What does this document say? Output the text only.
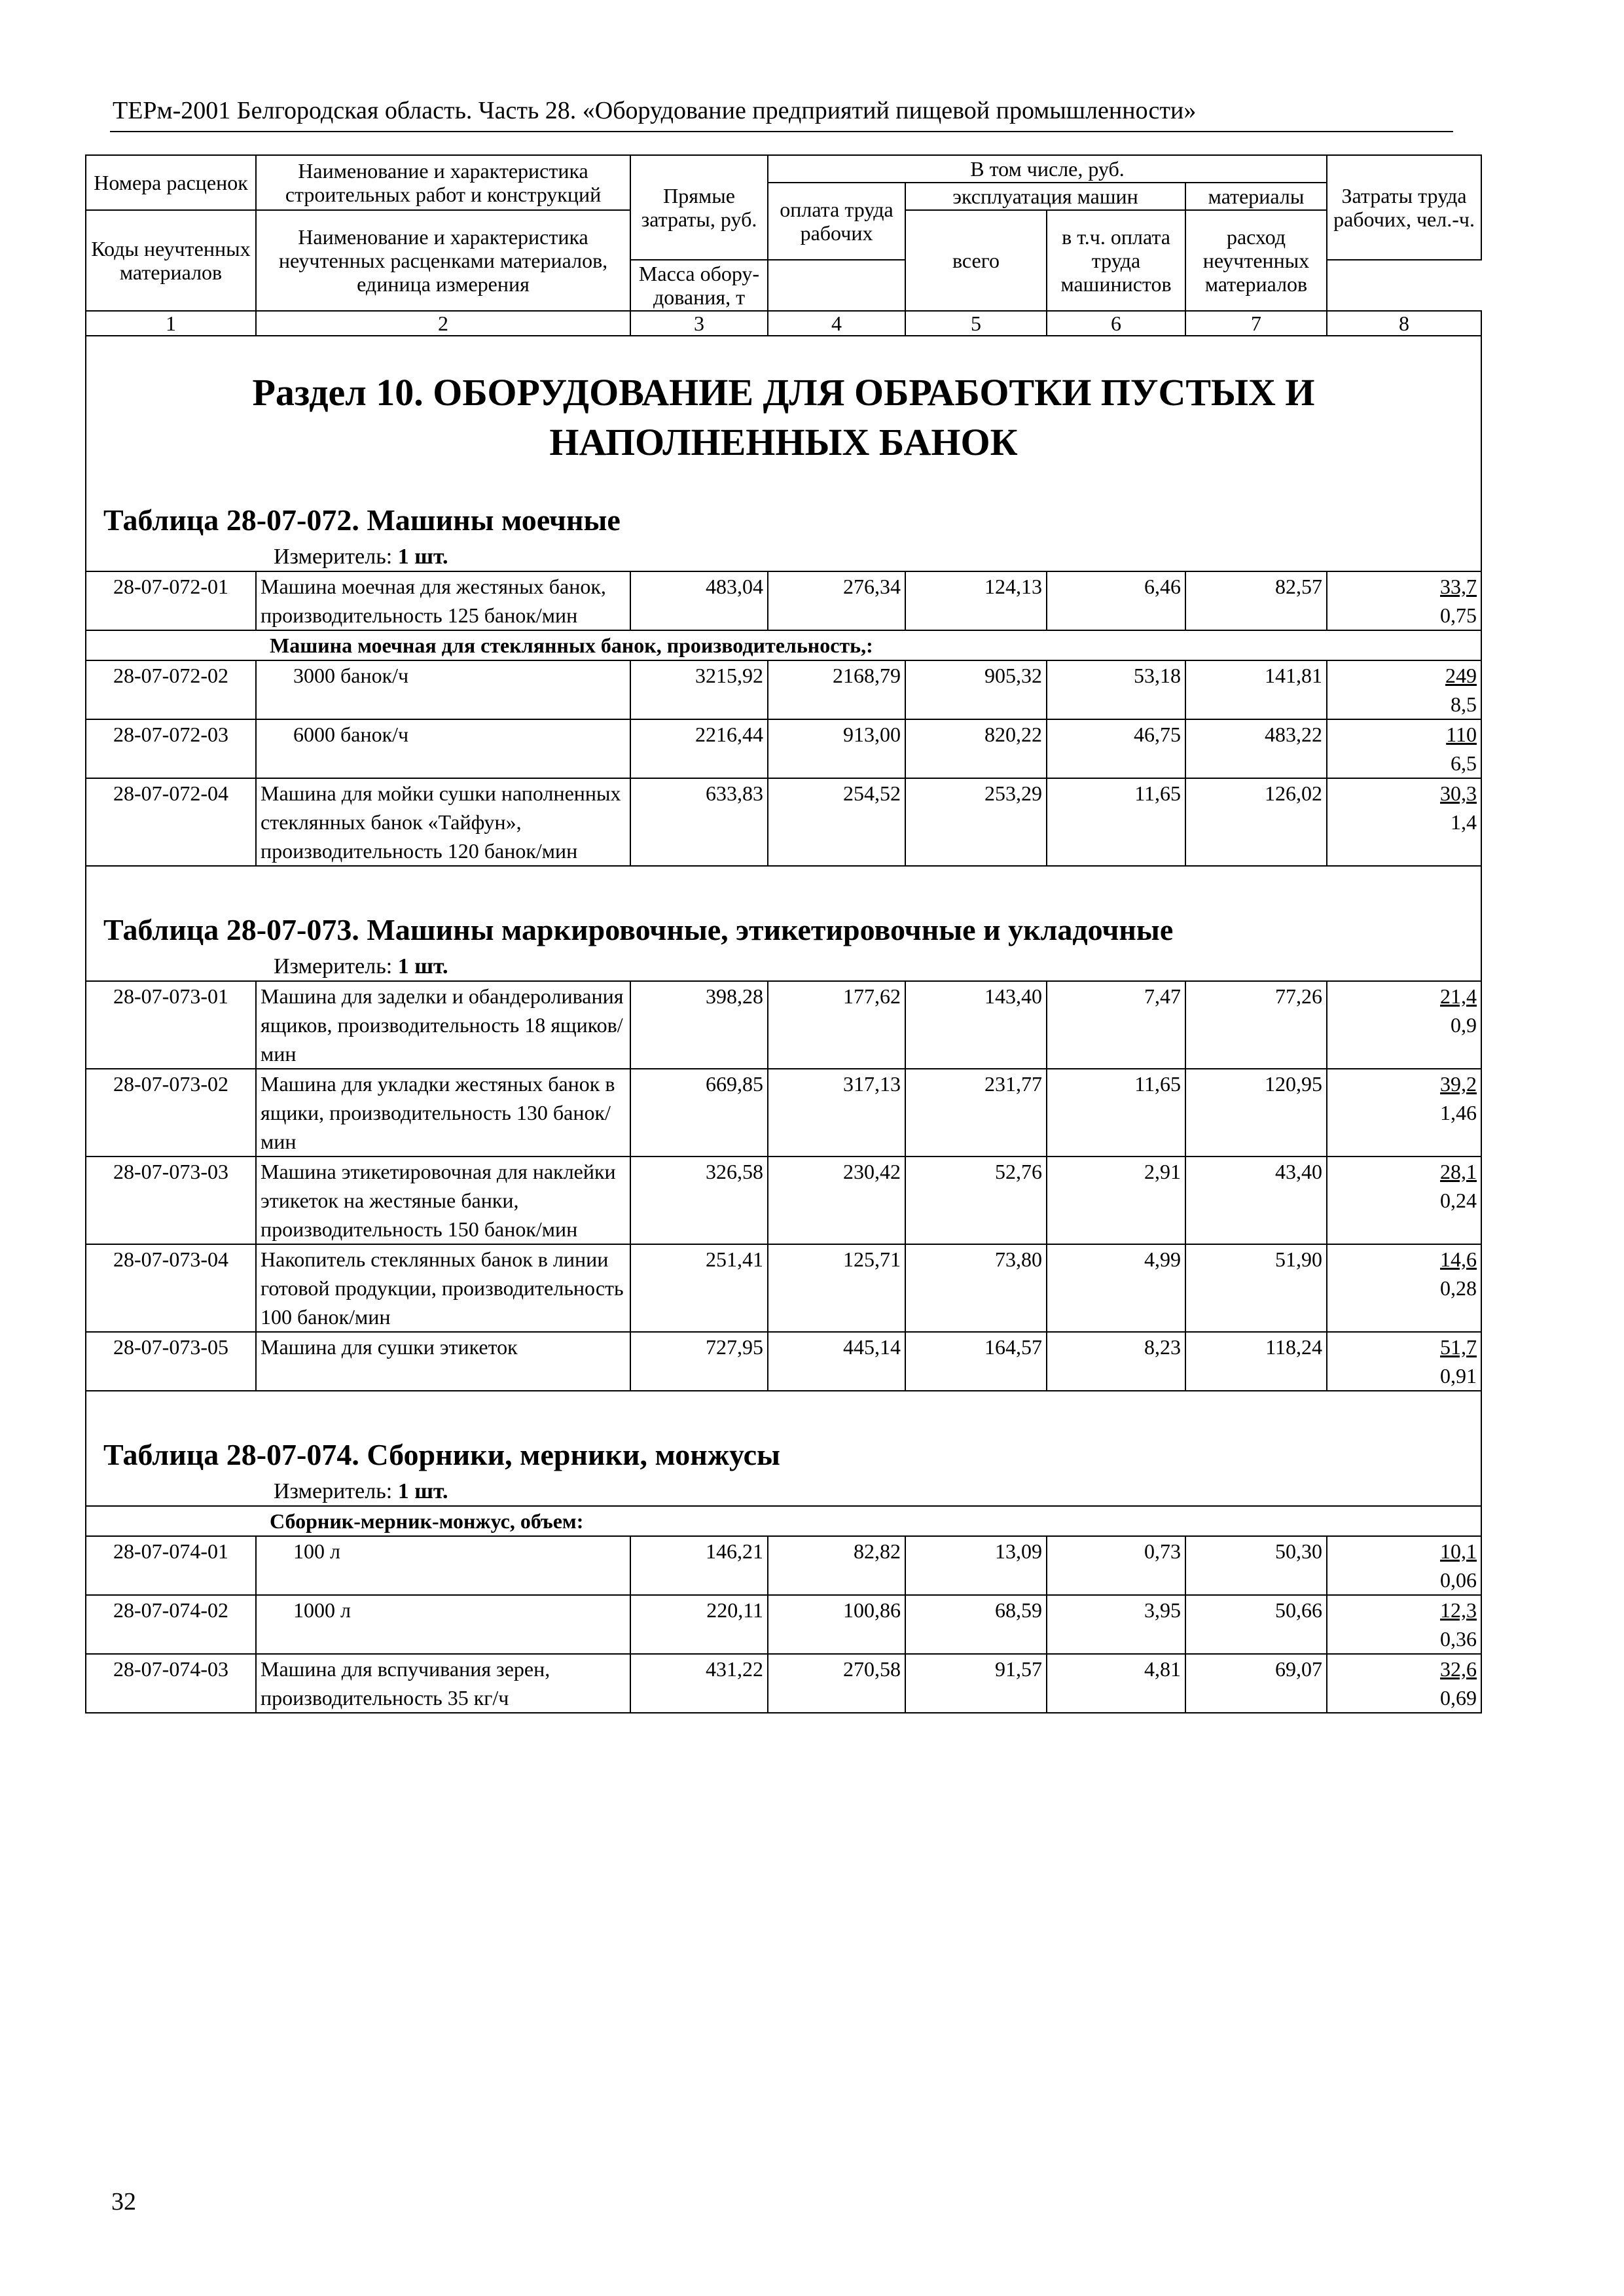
ТЕРм-2001 Белгородская область. Часть 28. «Оборудование предприятий пищевой промышленности»
Номера расценок	Наименование и характеристика строительных работ и конструкций	Прямые затраты, руб.	В том числе, руб.				Затраты труда рабочих, чел.-ч.
			оплата труда рабочих	эксплуатация машин		материалы	
Коды неучтенных материалов	Наименование и характеристика неучтенных расценками материалов, единица измерения			всего	в т.ч. оплата труда машинистов	расход неучтенных материалов	
		Масса обору-дования, т					
1	2	3	4	5	6	7	8

Раздел 10. ОБОРУДОВАНИЕ ДЛЯ ОБРАБОТКИ ПУСТЫХ И НАПОЛНЕННЫХ БАНОК							

Таблица 28-07-072. Машины моечные
Измеритель: 1 шт.							

28-07-072-01	Машина моечная для жестяных банок, производительность 125 банок/мин	483,04	276,34	124,13	6,46	82,57	33,7
0,75

Машина моечная для стеклянных банок, производительность,:							
28-07-072-02	3000 банок/ч	3215,92	2168,79	905,32	53,18	141,81	249
8,5

28-07-072-03	6000 банок/ч	2216,44	913,00	820,22	46,75	483,22	110
6,5

28-07-072-04	Машина для мойки сушки наполненных стеклянных банок «Тайфун», производительность 120 банок/мин	633,83	254,52	253,29	11,65	126,02	30,3
1,4

Таблица 28-07-073. Машины маркировочные, этикетировочные и укладочные
Измеритель: 1 шт.							

28-07-073-01	Машина для заделки и обандероливания ящиков, производительность 18 ящиков/мин	398,28	177,62	143,40	7,47	77,26	21,4
0,9

28-07-073-02	Машина для укладки жестяных банок в ящики, производительность 130 банок/мин	669,85	317,13	231,77	11,65	120,95	39,2
1,46

28-07-073-03	Машина этикетировочная для наклейки этикеток на жестяные банки, производительность 150 банок/мин	326,58	230,42	52,76	2,91	43,40	28,1
0,24

28-07-073-04	Накопитель стеклянных банок в линии готовой продукции, производительность 100 банок/мин	251,41	125,71	73,80	4,99	51,90	14,6
0,28

28-07-073-05	Машина для сушки этикеток	727,95	445,14	164,57	8,23	118,24	51,7
0,91

Таблица 28-07-074. Сборники, мерники, монжусы
Измеритель: 1 шт.							

Сборник-мерник-монжус, объем:							
28-07-074-01	100 л	146,21	82,82	13,09	0,73	50,30	10,1
0,06

28-07-074-02	1000 л	220,11	100,86	68,59	3,95	50,66	12,3
0,36

28-07-074-03	Машина для вспучивания зерен, производительность 35 кг/ч	431,22	270,58	91,57	4,81	69,07	32,6
0,69
32
